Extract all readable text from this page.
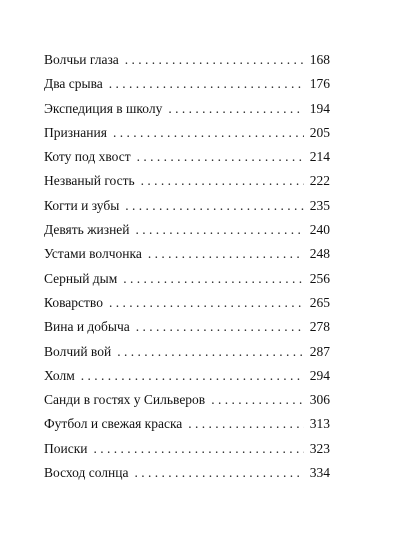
Волчьи глаза . . .	168
Два срыва . . .	176
Экспедиция в школу . . .	194
Признания . . .	205
Коту под хвост . . .	214
Незваный гость . . .	222
Когти и зубы . . .	235
Девять жизней . . .	240
Устами волчонка . . .	248
Серный дым . . .	256
Коварство . . .	265
Вина и добыча . . .	278
Волчий вой . . .	287
Холм . . .	294
Санди в гостях у Сильверов . . .	306
Футбол и свежая краска . . .	313
Поиски . . .	323
Восход солнца . . .	334
